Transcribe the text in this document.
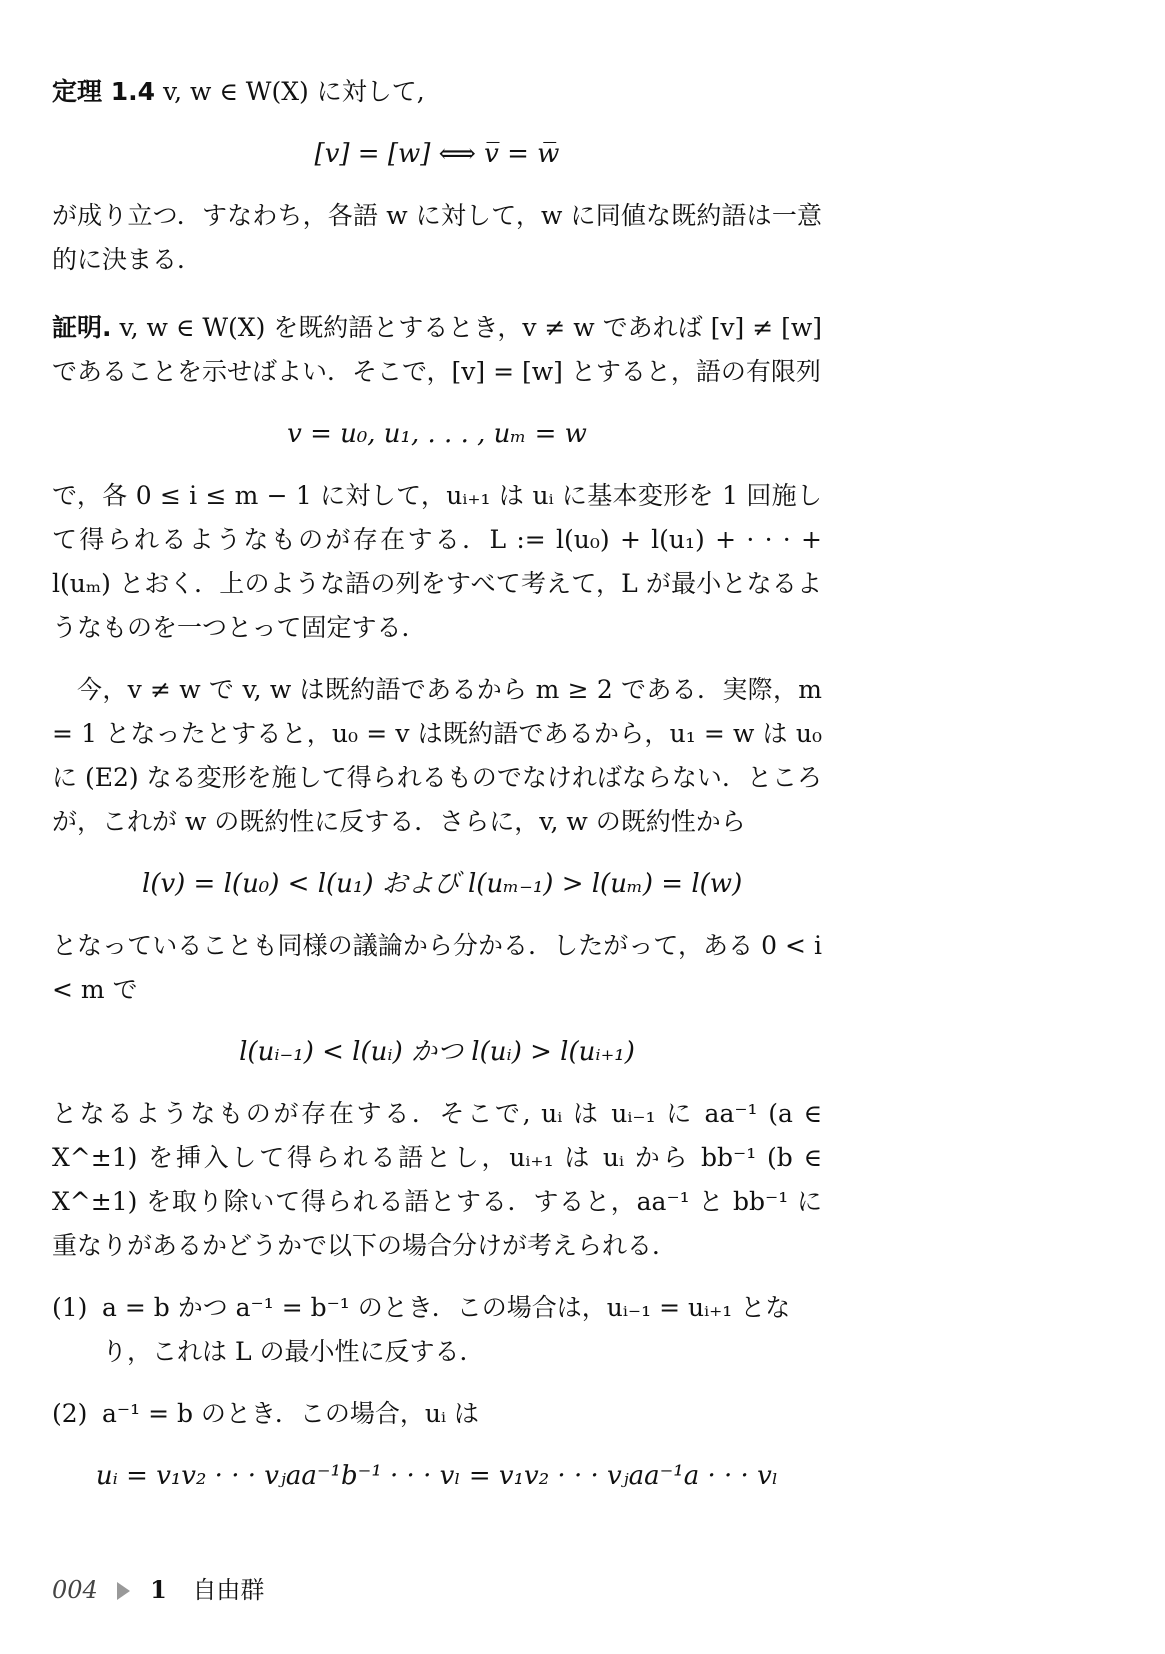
定理 1.4 v, w ∈ W(X) に対して,

[v] = [w] ⟺ v̅ = w̅

が成り立つ．すなわち，各語 w に対して，w に同値な既約語は一意的に決まる．

証明. v, w ∈ W(X) を既約語とするとき，v ≠ w であれば [v] ≠ [w] であることを示せばよい．そこで，[v] = [w] とすると，語の有限列

v = u₀, u₁, . . . , uₘ = w

で，各 0 ≤ i ≤ m − 1 に対して，uᵢ₊₁ は uᵢ に基本変形を 1 回施して得られるようなものが存在する．L := l(u₀) + l(u₁) + · · · + l(uₘ) とおく．上のような語の列をすべて考えて，L が最小となるようなものを一つとって固定する．

今，v ≠ w で v, w は既約語であるから m ≥ 2 である．実際，m = 1 となったとすると，u₀ = v は既約語であるから，u₁ = w は u₀ に (E2) なる変形を施して得られるものでなければならない．ところが，これが w の既約性に反する．さらに，v, w の既約性から

l(v) = l(u₀) < l(u₁) および l(uₘ₋₁) > l(uₘ) = l(w)

となっていることも同様の議論から分かる．したがって，ある 0 < i < m で

l(uᵢ₋₁) < l(uᵢ) かつ l(uᵢ) > l(uᵢ₊₁)

となるようなものが存在する．そこで, uᵢ は uᵢ₋₁ に aa⁻¹ (a ∈ X^±1) を挿入して得られる語とし，uᵢ₊₁ は uᵢ から bb⁻¹ (b ∈ X^±1) を取り除いて得られる語とする．すると，aa⁻¹ と bb⁻¹ に重なりがあるかどうかで以下の場合分けが考えられる．

(1) a = b かつ a⁻¹ = b⁻¹ のとき．この場合は，uᵢ₋₁ = uᵢ₊₁ となり，これは L の最小性に反する．

(2) a⁻¹ = b のとき．この場合，uᵢ は

uᵢ = v₁v₂ · · · vⱼaa⁻¹b⁻¹ · · · vₗ = v₁v₂ · · · vⱼaa⁻¹a · · · vₗ
004 1 自由群
